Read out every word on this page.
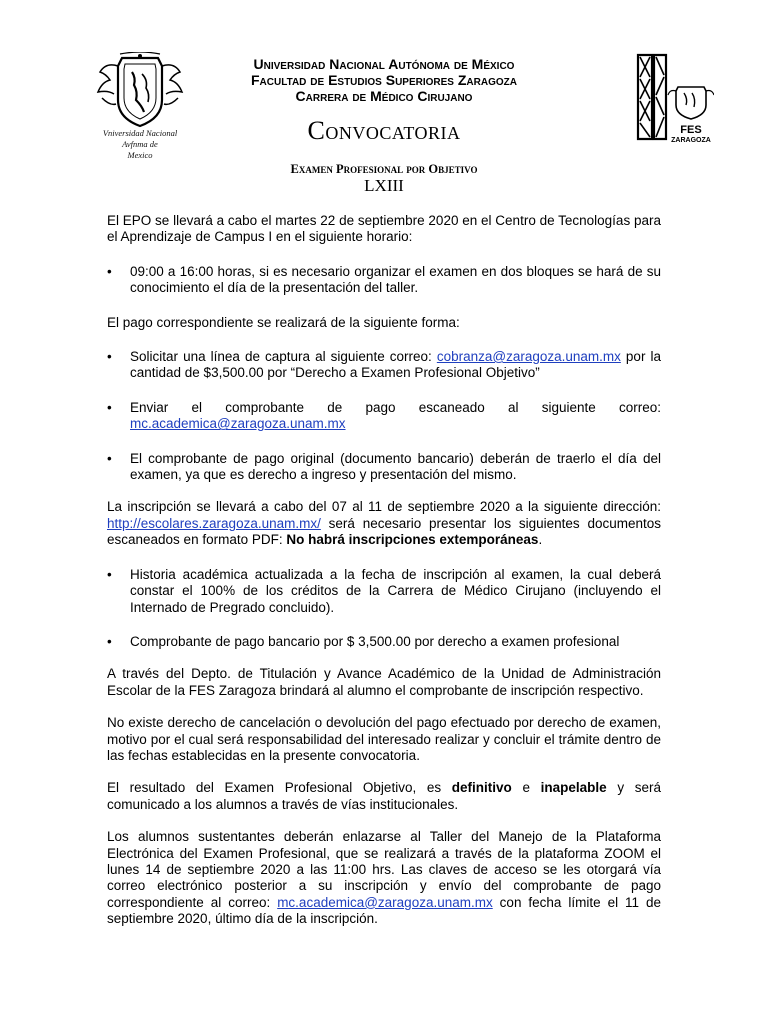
Vniversidad Nacional
Avfnma de
Mexico
FES
ZARAGOZA
Universidad Nacional Autónoma de México
Facultad de Estudios Superiores Zaragoza
Carrera de Médico Cirujano
Convocatoria
Examen Profesional por Objetivo
LXIII

El EPO se llevará a cabo el martes 22 de septiembre 2020 en el Centro de Tecnologías para el Aprendizaje de Campus I en el siguiente horario:

• 09:00 a 16:00 horas, si es necesario organizar el examen en dos bloques se hará de su conocimiento el día de la presentación del taller.

El pago correspondiente se realizará de la siguiente forma:

• Solicitar una línea de captura al siguiente correo: cobranza@zaragoza.unam.mx por la cantidad de $3,500.00 por “Derecho a Examen Profesional Objetivo”
• Enviar el comprobante de pago escaneado al siguiente correo: mc.academica@zaragoza.unam.mx
• El comprobante de pago original (documento bancario) deberán de traerlo el día del examen, ya que es derecho a ingreso y presentación del mismo.

La inscripción se llevará a cabo del 07 al 11 de septiembre 2020 a la siguiente dirección: http://escolares.zaragoza.unam.mx/ será necesario presentar los siguientes documentos escaneados en formato PDF: No habrá inscripciones extemporáneas.

• Historia académica actualizada a la fecha de inscripción al examen, la cual deberá constar el 100% de los créditos de la Carrera de Médico Cirujano (incluyendo el Internado de Pregrado concluido).
• Comprobante de pago bancario por $ 3,500.00 por derecho a examen profesional

A través del Depto. de Titulación y Avance Académico de la Unidad de Administración Escolar de la FES Zaragoza brindará al alumno el comprobante de inscripción respectivo.

No existe derecho de cancelación o devolución del pago efectuado por derecho de examen, motivo por el cual será responsabilidad del interesado realizar y concluir el trámite dentro de las fechas establecidas en la presente convocatoria.

El resultado del Examen Profesional Objetivo, es definitivo e inapelable y será comunicado a los alumnos a través de vías institucionales.

Los alumnos sustentantes deberán enlazarse al Taller del Manejo de la Plataforma Electrónica del Examen Profesional, que se realizará a través de la plataforma ZOOM el lunes 14 de septiembre 2020 a las 11:00 hrs. Las claves de acceso se les otorgará vía correo electrónico posterior a su inscripción y envío del comprobante de pago correspondiente al correo: mc.academica@zaragoza.unam.mx con fecha límite el 11 de septiembre 2020, último día de la inscripción.
